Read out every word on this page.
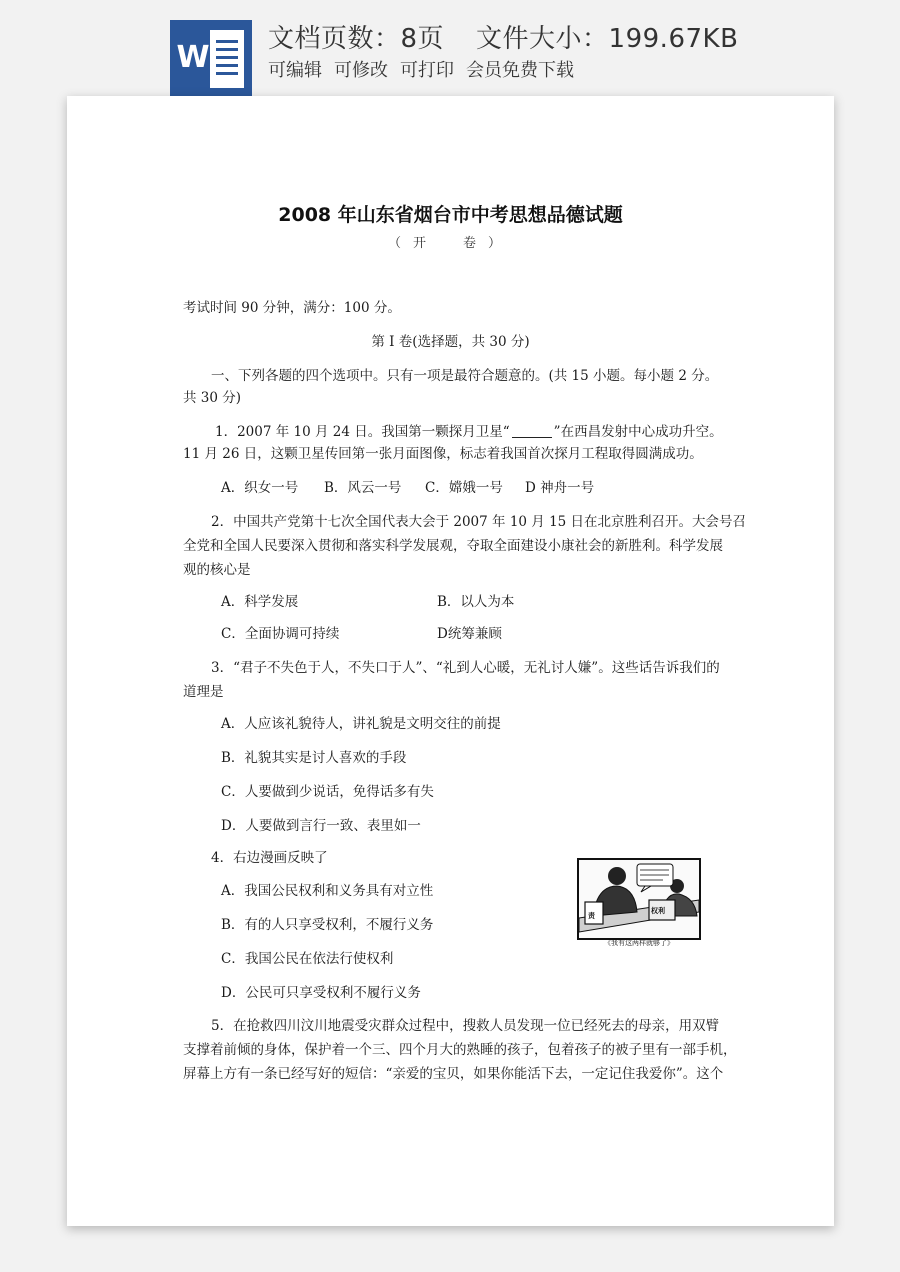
W
文档页数：8页 文件大小：199.67KB
可编辑 可修改 可打印 会员免费下载
2008 年山东省烟台市中考思想品德试题
（开　卷）
考试时间 90 分钟，满分：100 分。
第 I 卷(选择题，共 30 分)
一、下列各题的四个选项中。只有一项是最符合题意的。(共 15 小题。每小题 2 分。
共 30 分)
1．2007 年 10 月 24 日。我国第一颗探月卫星“	”在西昌发射中心成功升空。
11 月 26 日，这颗卫星传回第一张月面图像，标志着我国首次探月工程取得圆满成功。
A．织女一号 B．风云一号 C．嫦娥一号 D 神舟一号
2．中国共产党第十七次全国代表大会于 2007 年 10 月 15 日在北京胜利召开。大会号召
全党和全国人民要深入贯彻和落实科学发展观，夺取全面建设小康社会的新胜利。科学发展
观的核心是
A．科学发展	B．以人为本
C．全面协调可持续	D统筹兼顾
3．“君子不失色于人，不失口于人”、“礼到人心暖，无礼讨人嫌”。这些话告诉我们的
道理是
A．人应该礼貌待人，讲礼貌是文明交往的前提
B．礼貌其实是讨人喜欢的手段
C．人要做到少说话，免得话多有失
D．人要做到言行一致、表里如一
4．右边漫画反映了
A．我国公民权利和义务具有对立性
B．有的人只享受权利，不履行义务
C．我国公民在依法行使权利
D．公民可只享受权利不履行义务
责
权利
《我有这两样就够了》
5．在抢救四川汶川地震受灾群众过程中，搜救人员发现一位已经死去的母亲，用双臂
支撑着前倾的身体，保护着一个三、四个月大的熟睡的孩子，包着孩子的被子里有一部手机，
屏幕上方有一条已经写好的短信：“亲爱的宝贝，如果你能活下去，一定记住我爱你”。这个
